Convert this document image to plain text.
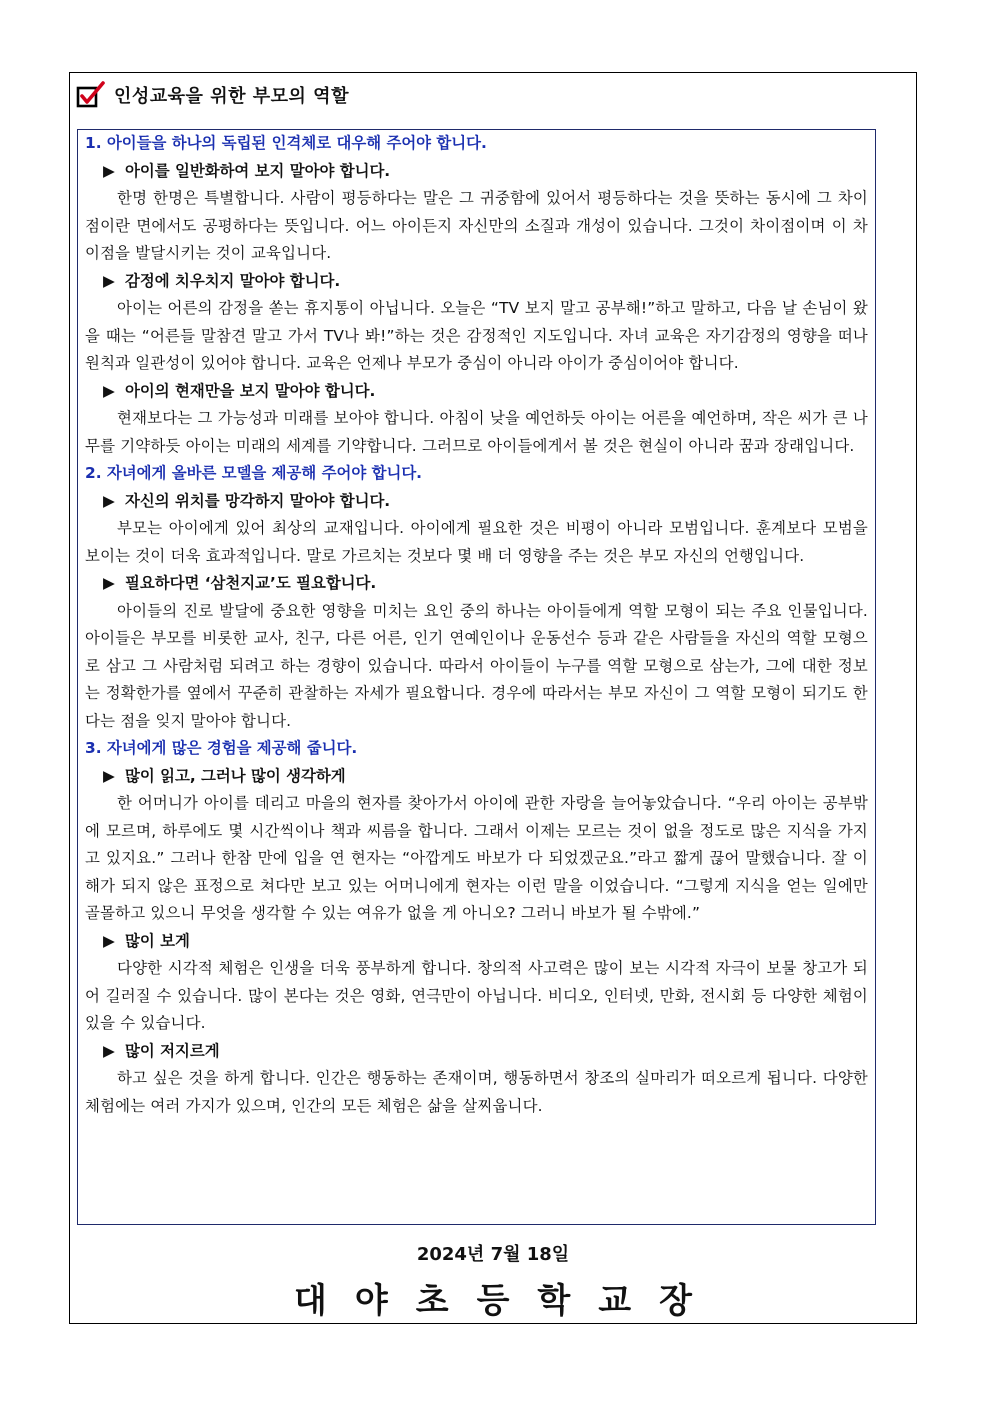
인성교육을 위한 부모의 역할
1. 아이들을 하나의 독립된 인격체로 대우해 주어야 합니다.
▶ 아이를 일반화하여 보지 말아야 합니다.

한명 한명은 특별합니다. 사람이 평등하다는 말은 그 귀중함에 있어서 평등하다는 것을 뜻하는 동시에 그 차이점이란 면에서도 공평하다는 뜻입니다. 어느 아이든지 자신만의 소질과 개성이 있습니다. 그것이 차이점이며 이 차이점을 발달시키는 것이 교육입니다.

▶ 감정에 치우치지 말아야 합니다.

아이는 어른의 감정을 쏟는 휴지통이 아닙니다. 오늘은 “TV 보지 말고 공부해!”하고 말하고, 다음 날 손님이 왔을 때는 “어른들 말참견 말고 가서 TV나 봐!”하는 것은 감정적인 지도입니다. 자녀 교육은 자기감정의 영향을 떠나 원칙과 일관성이 있어야 합니다. 교육은 언제나 부모가 중심이 아니라 아이가 중심이어야 합니다.

▶ 아이의 현재만을 보지 말아야 합니다.

현재보다는 그 가능성과 미래를 보아야 합니다. 아침이 낮을 예언하듯 아이는 어른을 예언하며, 작은 씨가 큰 나무를 기약하듯 아이는 미래의 세계를 기약합니다. 그러므로 아이들에게서 볼 것은 현실이 아니라 꿈과 장래입니다.

2. 자녀에게 올바른 모델을 제공해 주어야 합니다.
▶ 자신의 위치를 망각하지 말아야 합니다.

부모는 아이에게 있어 최상의 교재입니다. 아이에게 필요한 것은 비평이 아니라 모범입니다. 훈계보다 모범을 보이는 것이 더욱 효과적입니다. 말로 가르치는 것보다 몇 배 더 영향을 주는 것은 부모 자신의 언행입니다.

▶ 필요하다면 ‘삼천지교’도 필요합니다.

아이들의 진로 발달에 중요한 영향을 미치는 요인 중의 하나는 아이들에게 역할 모형이 되는 주요 인물입니다. 아이들은 부모를 비롯한 교사, 친구, 다른 어른, 인기 연예인이나 운동선수 등과 같은 사람들을 자신의 역할 모형으로 삼고 그 사람처럼 되려고 하는 경향이 있습니다. 따라서 아이들이 누구를 역할 모형으로 삼는가, 그에 대한 정보는 정확한가를 옆에서 꾸준히 관찰하는 자세가 필요합니다. 경우에 따라서는 부모 자신이 그 역할 모형이 되기도 한다는 점을 잊지 말아야 합니다.

3. 자녀에게 많은 경험을 제공해 줍니다.
▶ 많이 읽고, 그러나 많이 생각하게

한 어머니가 아이를 데리고 마을의 현자를 찾아가서 아이에 관한 자랑을 늘어놓았습니다. “우리 아이는 공부밖에 모르며, 하루에도 몇 시간씩이나 책과 씨름을 합니다. 그래서 이제는 모르는 것이 없을 정도로 많은 지식을 가지고 있지요.” 그러나 한참 만에 입을 연 현자는 “아깝게도 바보가 다 되었겠군요.”라고 짧게 끊어 말했습니다. 잘 이해가 되지 않은 표정으로 쳐다만 보고 있는 어머니에게 현자는 이런 말을 이었습니다. “그렇게 지식을 얻는 일에만 골몰하고 있으니 무엇을 생각할 수 있는 여유가 없을 게 아니오? 그러니 바보가 될 수밖에.”

▶ 많이 보게

다양한 시각적 체험은 인생을 더욱 풍부하게 합니다. 창의적 사고력은 많이 보는 시각적 자극이 보물 창고가 되어 길러질 수 있습니다. 많이 본다는 것은 영화, 연극만이 아닙니다. 비디오, 인터넷, 만화, 전시회 등 다양한 체험이 있을 수 있습니다.

▶ 많이 저지르게

하고 싶은 것을 하게 합니다. 인간은 행동하는 존재이며, 행동하면서 창조의 실마리가 떠오르게 됩니다. 다양한 체험에는 여러 가지가 있으며, 인간의 모든 체험은 삶을 살찌웁니다.

2024년 7월 18일
대야초등학교장
